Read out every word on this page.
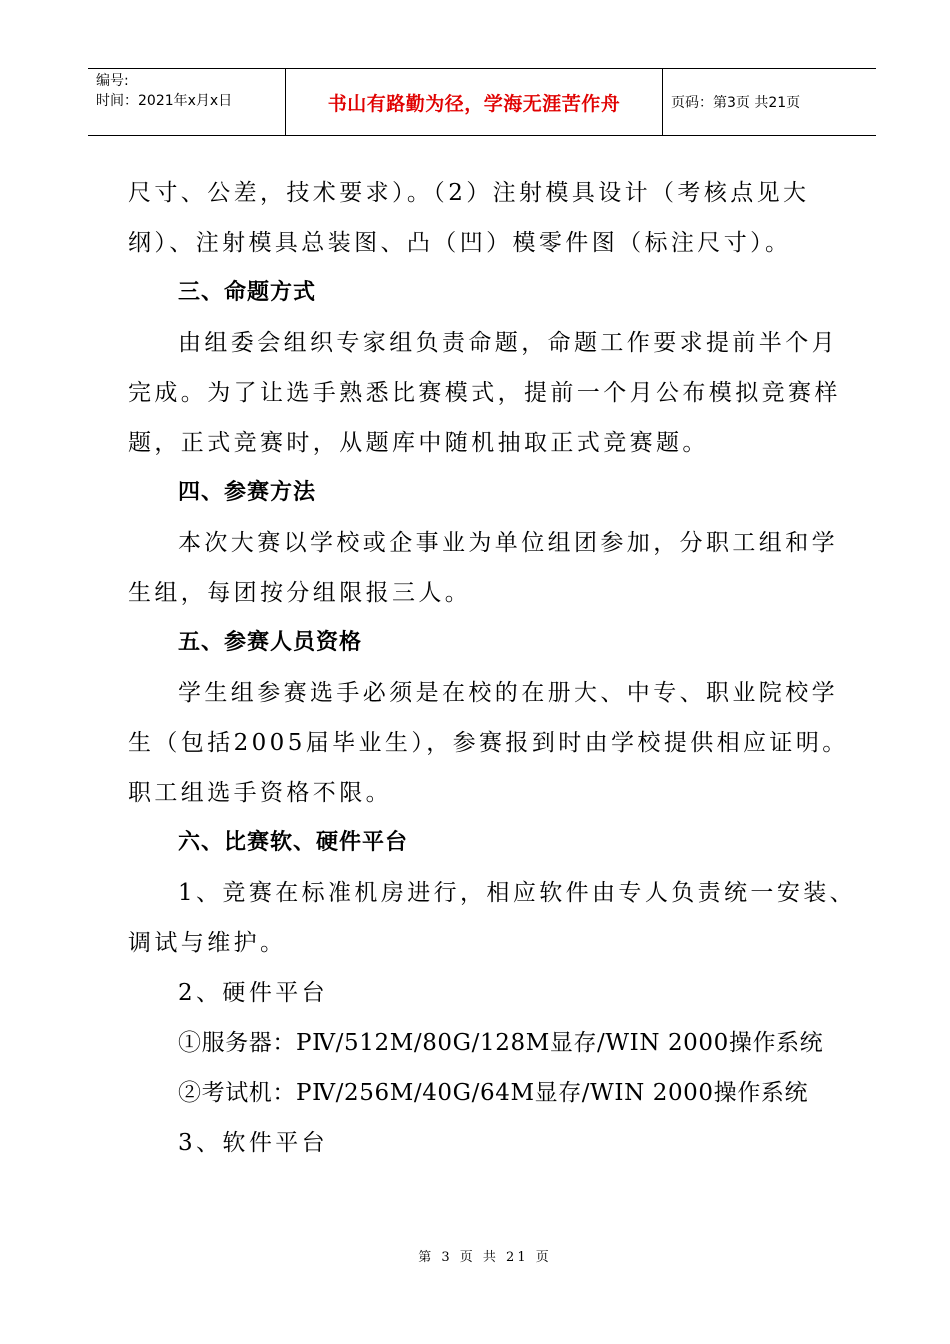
编号:
时间：2021年x月x日	书山有路勤为径，学海无涯苦作舟	页码：第3页 共21页
尺寸、公差，技术要求）。（2）注射模具设计（考核点见大
纲）、注射模具总装图、凸（凹）模零件图（标注尺寸）。
三、命题方式
由组委会组织专家组负责命题，命题工作要求提前半个月
完成。为了让选手熟悉比赛模式，提前一个月公布模拟竞赛样
题，正式竞赛时，从题库中随机抽取正式竞赛题。
四、参赛方法
本次大赛以学校或企事业为单位组团参加，分职工组和学
生组，每团按分组限报三人。
五、参赛人员资格
学生组参赛选手必须是在校的在册大、中专、职业院校学
生（包括2005届毕业生），参赛报到时由学校提供相应证明。
职工组选手资格不限。
六、比赛软、硬件平台
1、竞赛在标准机房进行，相应软件由专人负责统一安装、
调试与维护。
2、硬件平台
①服务器：PⅣ/512M/80G/128M显存/WIN 2000操作系统
②考试机：PⅣ/256M/40G/64M显存/WIN 2000操作系统
3、软件平台
第 3 页 共 21 页
